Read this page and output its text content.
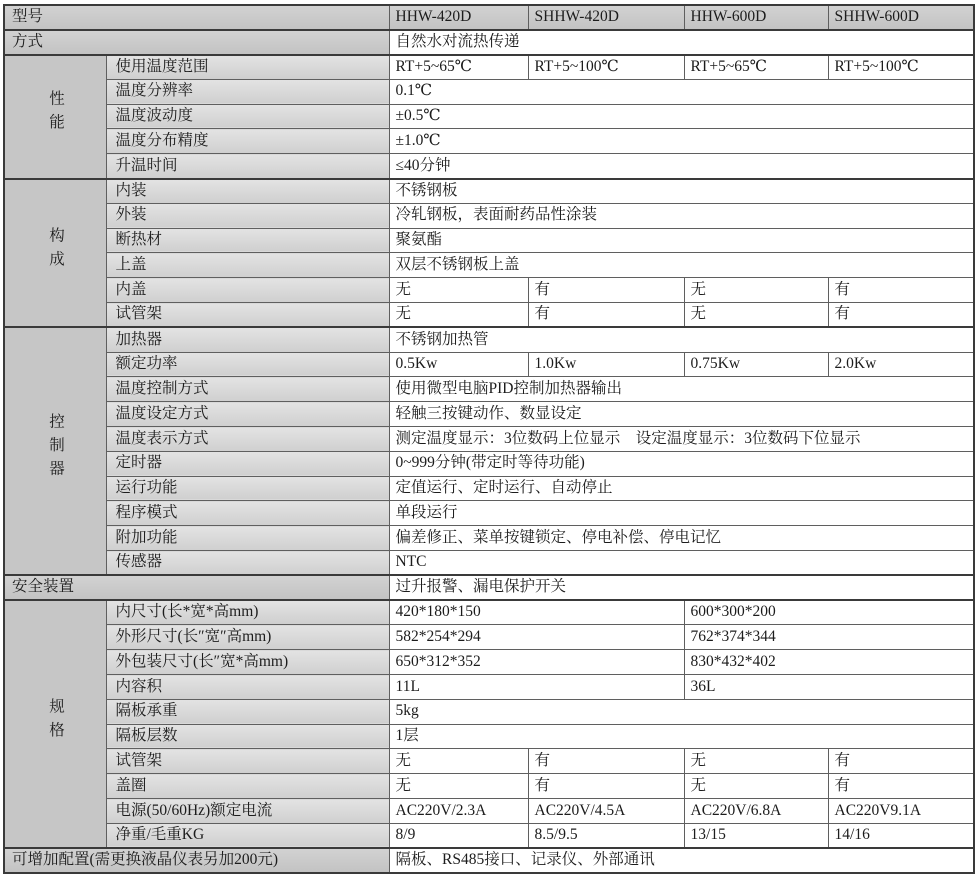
型号		HHW-420D	SHHW-420D	HHW-600D	SHHW-600D
方式		自然水对流热传递			
性能	使用温度范围	RT+5~65℃	RT+5~100℃	RT+5~65℃	RT+5~100℃
	温度分辨率	0.1℃			
	温度波动度	±0.5℃			
	温度分布精度	±1.0℃			
	升温时间	≤40分钟			
构成	内装	不锈钢板			
	外装	冷轧钢板，表面耐药品性涂装			
	断热材	聚氨酯			
	上盖	双层不锈钢板上盖			
	内盖	无	有	无	有
	试管架	无	有	无	有
控制器	加热器	不锈钢加热管			
	额定功率	0.5Kw	1.0Kw	0.75Kw	2.0Kw
	温度控制方式	使用微型电脑PID控制加热器输出			
	温度设定方式	轻触三按键动作、数显设定			
	温度表示方式	测定温度显示：3位数码上位显示　设定温度显示：3位数码下位显示			
	定时器	0~999分钟(带定时等待功能)			
	运行功能	定值运行、定时运行、自动停止			
	程序模式	单段运行			
	附加功能	偏差修正、菜单按键锁定、停电补偿、停电记忆			
	传感器	NTC			
安全装置		过升报警、漏电保护开关			
规格	内尺寸(长*宽*高mm)	420*180*150		600*300*200	
	外形尺寸(长″宽″高mm)	582*254*294		762*374*344	
	外包装尺寸(长″宽*高mm)	650*312*352		830*432*402	
	内容积	11L		36L	
	隔板承重	5kg			
	隔板层数	1层			
	试管架	无	有	无	有
	盖圈	无	有	无	有
	电源(50/60Hz)额定电流	AC220V/2.3A	AC220V/4.5A	AC220V/6.8A	AC220V9.1A
	净重/毛重KG	8/9	8.5/9.5	13/15	14/16
可增加配置(需更换液晶仪表另加200元)		隔板、RS485接口、记录仪、外部通讯			
